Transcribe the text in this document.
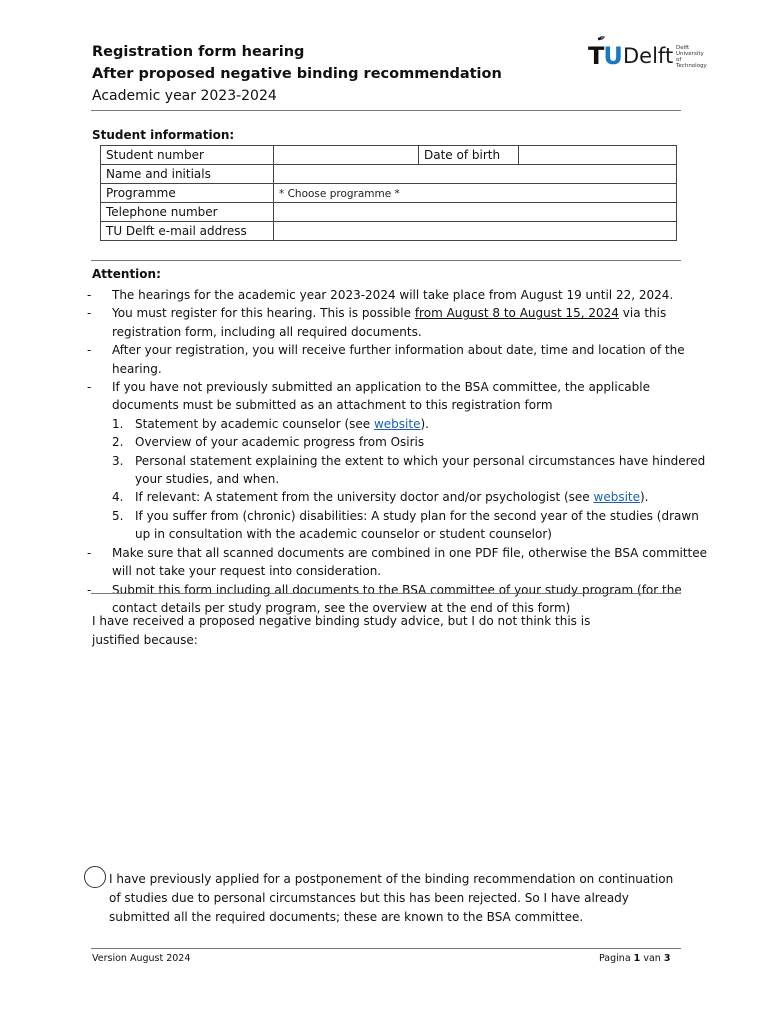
Registration form hearing
After proposed negative binding recommendation
Academic year 2023-2024
✒
TU Delft Delft
University of
Technology
Student information:
Student number		Date of birth	
Name and initials			
Programme	* Choose programme *		
Telephone number			
TU Delft e-mail address			
Attention:
- The hearings for the academic year 2023-2024 will take place from August 19 until 22, 2024.
- You must register for this hearing. This is possible from August 8 to August 15, 2024 via this registration form, including all required documents.
- After your registration, you will receive further information about date, time and location of the hearing.
- If you have not previously submitted an application to the BSA committee, the applicable documents must be submitted as an attachment to this registration form
1. Statement by academic counselor (see website).
2. Overview of your academic progress from Osiris
3. Personal statement explaining the extent to which your personal circumstances have hindered your studies, and when.
4. If relevant: A statement from the university doctor and/or psychologist (see website).
5. If you suffer from (chronic) disabilities: A study plan for the second year of the studies (drawn up in consultation with the academic counselor or student counselor)
- Make sure that all scanned documents are combined in one PDF file, otherwise the BSA committee will not take your request into consideration.
- Submit this form including all documents to the BSA committee of your study program (for the contact details per study program, see the overview at the end of this form)
I have received a proposed negative binding study advice, but I do not think this is justified because:
I have previously applied for a postponement of the binding recommendation on continuation of studies due to personal circumstances but this has been rejected. So I have already submitted all the required documents; these are known to the BSA committee.
Version August 2024	Pagina 1 van 3
